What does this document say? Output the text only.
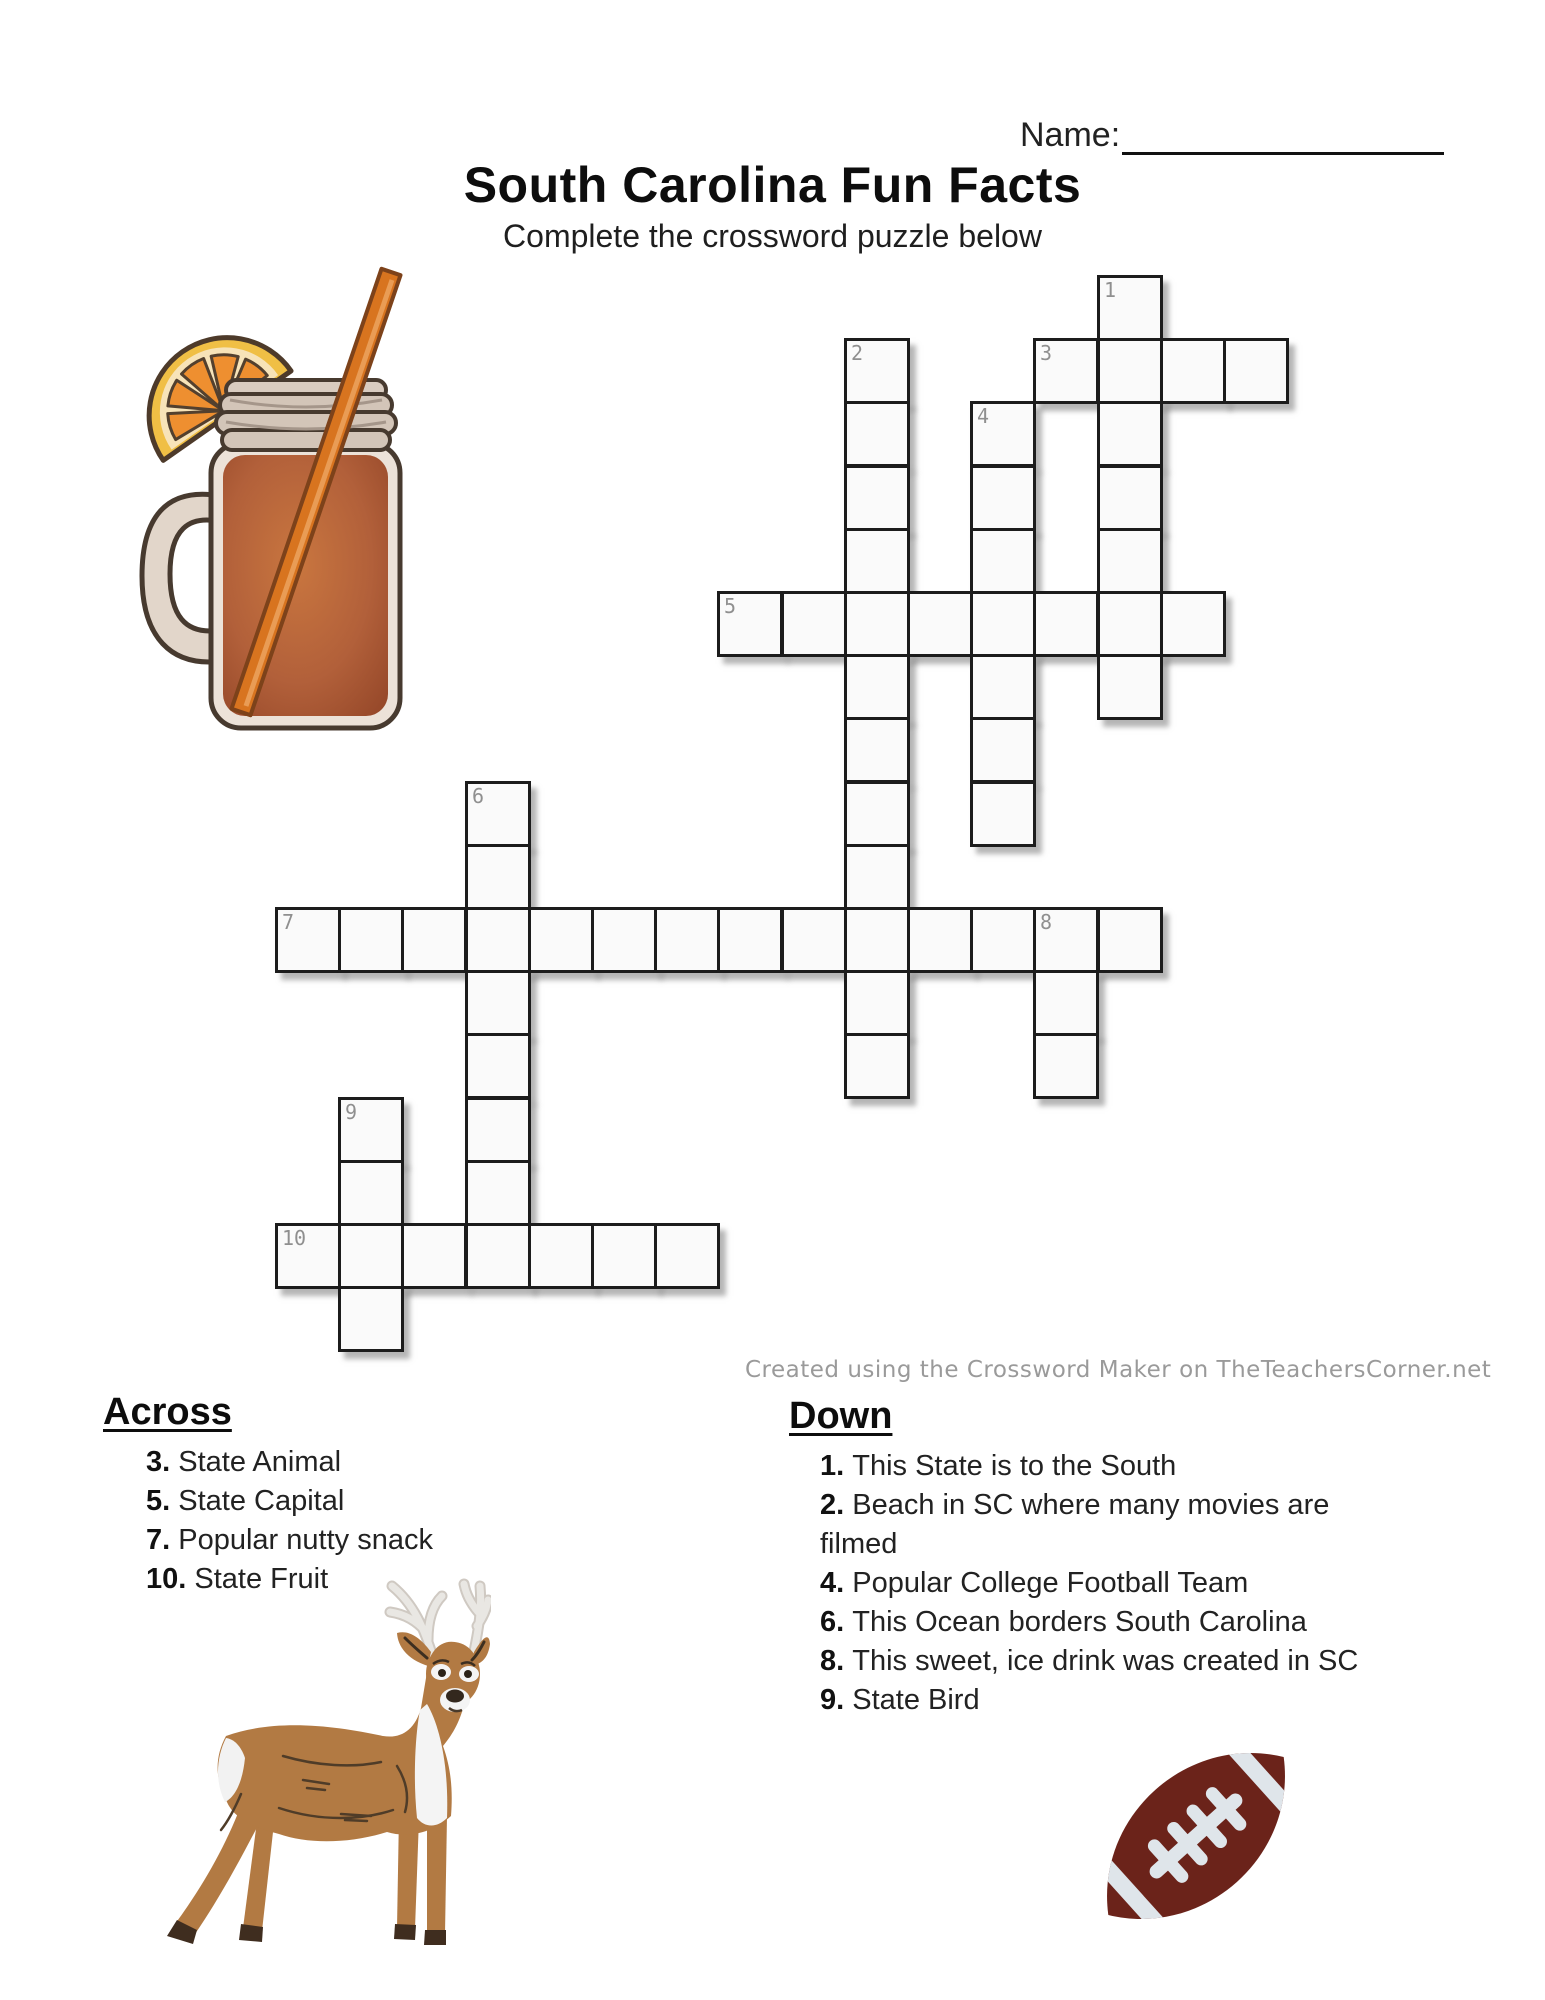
Name:
South Carolina Fun Facts
Complete the crossword puzzle below
1
2	3
4
5
6
7	8
9
10
Created using the Crossword Maker on TheTeachersCorner.net
Across
3. State Animal
5. State Capital
7. Popular nutty snack
10. State Fruit
Down
1. This State is to the South
2. Beach in SC where many movies are filmed
4. Popular College Football Team
6. This Ocean borders South Carolina
8. This sweet, ice drink was created in SC
9. State Bird
